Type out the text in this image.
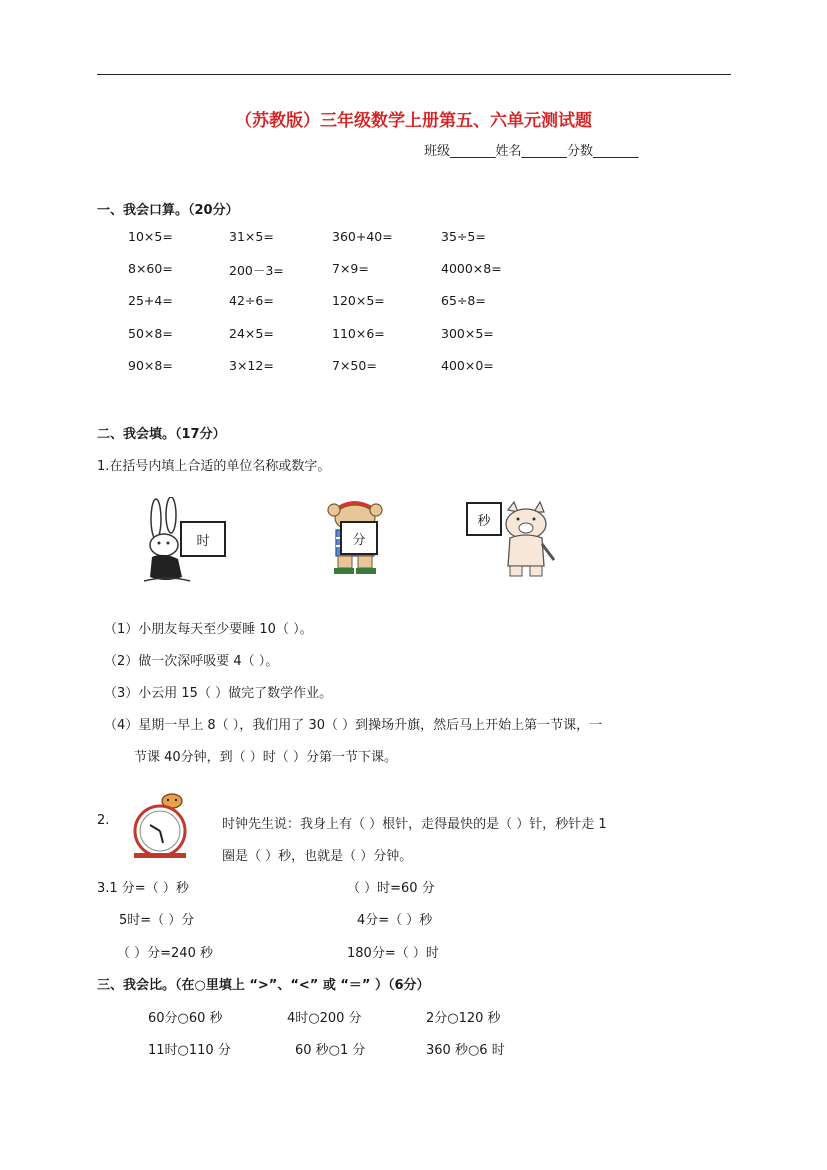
（苏教版）三年级数学上册第五、六单元测试题
班级_______姓名_______分数_______
一、我会口算。（20分）
10×5=	31×5=	360+40=	35÷5=
8×60=	200－3=	7×9=	4000×8=
25+4=	42÷6=	120×5=	65÷8=
50×8=	24×5=	110×6=	300×5=
90×8=	3×12=	7×50=	400×0=
二、我会填。（17分）
1.在括号内填上合适的单位名称或数字。
时	分
秒
（1）小朋友每天至少要睡 10（ ）。
（2）做一次深呼吸要 4（ ）。
（3）小云用 15（ ）做完了数学作业。
（4）星期一早上 8（ ），我们用了 30（ ）到操场升旗，然后马上开始上第一节课，一
节课 40分钟，到（ ）时（ ）分第一节下课。
2.	时钟先生说：我身上有（ ）根针，走得最快的是（ ）针，秒针走 1
圈是（ ）秒，也就是（ ）分钟。
3.1 分=（ ）秒	（ ）时=60 分
5时=（ ）分	4分=（ ）秒
（ ）分=240 秒	180分=（ ）时
三、我会比。（在○里填上 “>”、“<” 或 “＝” ）（6分）
60分○60 秒	4时○200 分	2分○120 秒
11时○110 分	60 秒○1 分	360 秒○6 时
